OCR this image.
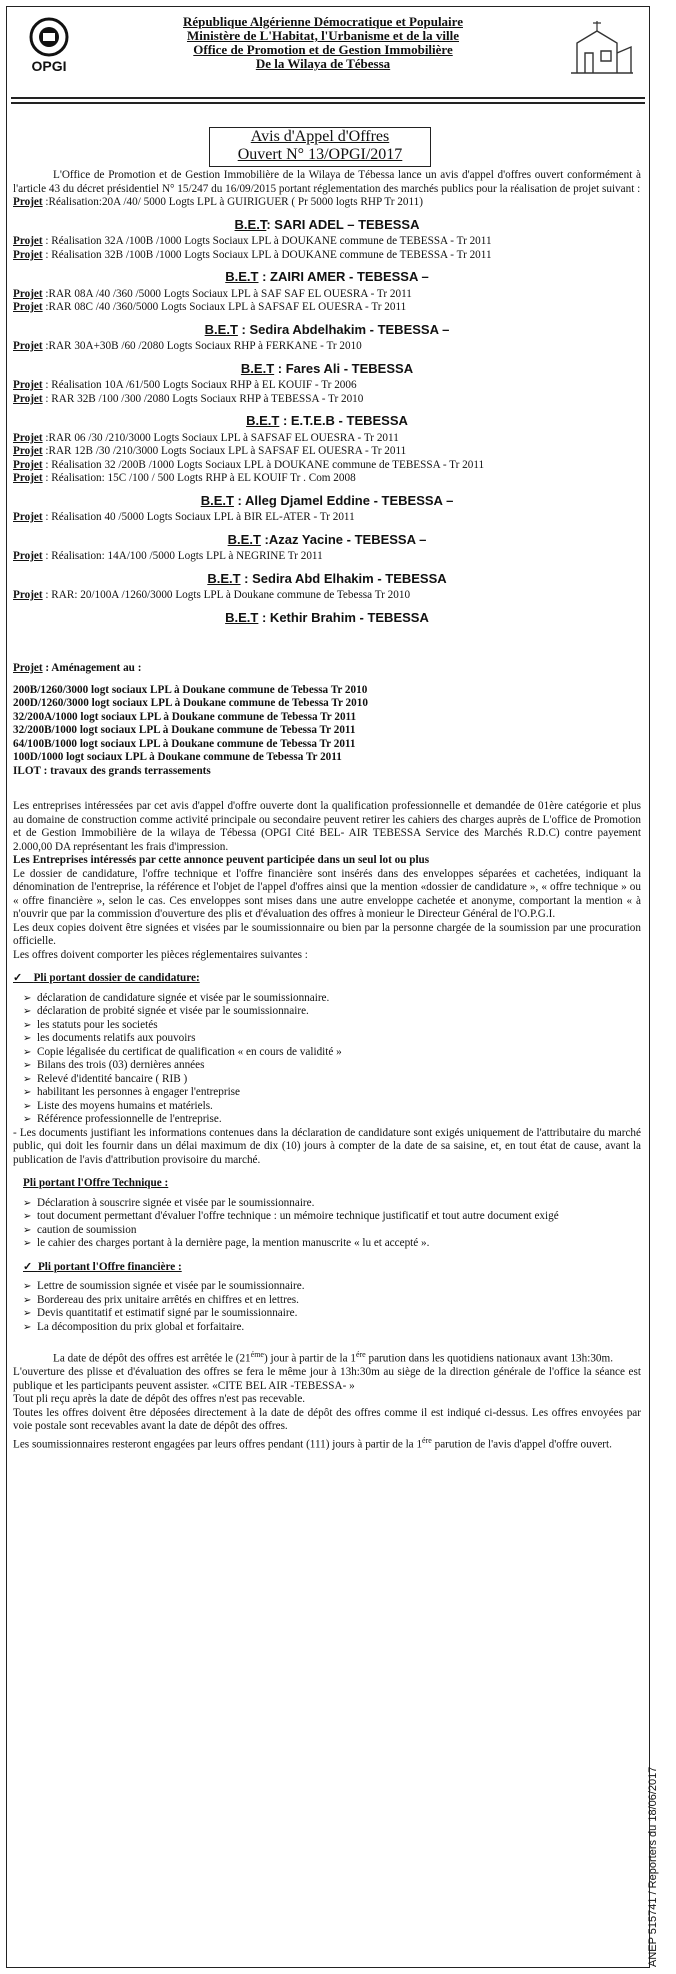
OPGI
République Algérienne Démocratique et Populaire
Ministère de L'Habitat, l'Urbanisme et de la ville
Office de Promotion et de Gestion Immobilière
De la Wilaya de Tébessa
Avis d'Appel d'Offres
Ouvert N° 13/OPGI/2017

L'Office de Promotion et de Gestion Immobilière de la Wilaya de Tébessa lance un avis d'appel d'offres ouvert conformément à l'article 43 du décret présidentiel N° 15/247 du 16/09/2015 portant réglementation des marchés publics pour la réalisation de projet suivant :

Projet :Réalisation:20A /40/ 5000 Logts LPL à GUIRIGUER ( Pr 5000 logts RHP Tr 2011)

B.E.T: SARI ADEL – TEBESSA

Projet : Réalisation 32A /100B /1000 Logts Sociaux LPL à DOUKANE commune de TEBESSA - Tr 2011

Projet : Réalisation 32B /100B /1000 Logts Sociaux LPL à DOUKANE commune de TEBESSA - Tr 2011

B.E.T : ZAIRI AMER - TEBESSA –

Projet :RAR 08A /40 /360 /5000 Logts Sociaux LPL à SAF SAF EL OUESRA - Tr 2011

Projet :RAR 08C /40 /360/5000 Logts Sociaux LPL à SAFSAF EL OUESRA - Tr 2011

B.E.T : Sedira Abdelhakim - TEBESSA –

Projet :RAR 30A+30B /60 /2080 Logts Sociaux RHP à FERKANE - Tr 2010

B.E.T : Fares Ali - TEBESSA

Projet : Réalisation 10A /61/500 Logts Sociaux RHP à EL KOUIF - Tr 2006

Projet : RAR 32B /100 /300 /2080 Logts Sociaux RHP à TEBESSA - Tr 2010

B.E.T : E.T.E.B - TEBESSA

Projet :RAR 06 /30 /210/3000 Logts Sociaux LPL à SAFSAF EL OUESRA - Tr 2011

Projet :RAR 12B /30 /210/3000 Logts Sociaux LPL à SAFSAF EL OUESRA - Tr 2011

Projet : Réalisation 32 /200B /1000 Logts Sociaux LPL à DOUKANE commune de TEBESSA - Tr 2011

Projet : Réalisation: 15C /100 / 500 Logts RHP à EL KOUIF Tr . Com 2008

B.E.T : Alleg Djamel Eddine - TEBESSA –

Projet : Réalisation 40 /5000 Logts Sociaux LPL à BIR EL-ATER - Tr 2011

B.E.T :Azaz Yacine - TEBESSA –

Projet : Réalisation: 14A/100 /5000 Logts LPL à NEGRINE Tr 2011

B.E.T : Sedira Abd Elhakim - TEBESSA

Projet : RAR: 20/100A /1260/3000 Logts LPL à Doukane commune de Tebessa Tr 2010

B.E.T : Kethir Brahim - TEBESSA

Projet : Aménagement au :

200B/1260/3000 logt sociaux LPL à Doukane commune de Tebessa Tr 2010
200D/1260/3000 logt sociaux LPL à Doukane commune de Tebessa Tr 2010
32/200A/1000 logt sociaux LPL à Doukane commune de Tebessa Tr 2011
32/200B/1000 logt sociaux LPL à Doukane commune de Tebessa Tr 2011
64/100B/1000 logt sociaux LPL à Doukane commune de Tebessa Tr 2011
100D/1000 logt sociaux LPL à Doukane commune de Tebessa Tr 2011
ILOT : travaux des grands terrassements

Les entreprises intéressées par cet avis d'appel d'offre ouverte dont la qualification professionnelle et demandée de 01ère catégorie et plus au domaine de construction comme activité principale ou secondaire peuvent retirer les cahiers des charges auprès de L'office de Promotion et de Gestion Immobilière de la wilaya de Tébessa (OPGI Cité BEL- AIR TEBESSA Service des Marchés R.D.C) contre payement 2.000,00 DA représentant les frais d'impression.

Les Entreprises intéressés par cette annonce peuvent participée dans un seul lot ou plus

Le dossier de candidature, l'offre technique et l'offre financière sont insérés dans des enveloppes séparées et cachetées, indiquant la dénomination de l'entreprise, la référence et l'objet de l'appel d'offres ainsi que la mention «dossier de candidature », « offre technique » ou « offre financière », selon le cas. Ces enveloppes sont mises dans une autre enveloppe cachetée et anonyme, comportant la mention « à n'ouvrir que par la commission d'ouverture des plis et d'évaluation des offres à monieur le Directeur Général de l'O.P.G.I.

Les deux copies doivent être signées et visées par le soumissionnaire ou bien par la personne chargée de la soumission par une procuration officielle.

Les offres doivent comporter les pièces réglementaires suivantes :

✓    Pli portant dossier de candidature:
➢ déclaration de candidature signée et visée par le soumissionnaire.
➢ déclaration de probité signée et visée par le soumissionnaire.
➢ les statuts pour les societés
➢ les documents relatifs aux pouvoirs
➢ Copie légalisée du certificat de qualification « en cours de validité »
➢ Bilans des trois (03) dernières années
➢ Relevé d'identité bancaire ( RIB )
➢ habilitant les personnes à engager l'entreprise
➢ Liste des moyens humains et matériels.
➢ Référence professionnelle de l'entreprise.

- Les documents justifiant les informations contenues dans la déclaration de candidature sont exigés uniquement de l'attributaire du marché public, qui doit les fournir dans un délai maximum de dix (10) jours à compter de la date de sa saisine, et, en tout état de cause, avant la publication de l'avis d'attribution provisoire du marché.

Pli portant l'Offre Technique :
➢ Déclaration à souscrire signée et visée par le soumissionnaire.
➢ tout document permettant d'évaluer l'offre technique : un mémoire technique justificatif et tout autre document exigé
➢ caution de soumission
➢ le cahier des charges portant à la dernière page, la mention manuscrite « lu et accepté ».
✓  Pli portant l'Offre financière :
➢ Lettre de soumission signée et visée par le soumissionnaire.
➢ Bordereau des prix unitaire arrêtés en chiffres et en lettres.
➢ Devis quantitatif et estimatif signé par le soumissionnaire.
➢ La décomposition du prix global et forfaitaire.

La date de dépôt des offres est arrêtée le $(21^{éme})$ jour à partir de la $1^{ére}$ parution dans les quotidiens nationaux avant 13h:30m.

L'ouverture des plisse et d'évaluation des offres se fera le même jour à 13h:30m au siège de la direction générale de l'office la séance est publique et les participants peuvent assister. «CITE BEL AIR -TEBESSA- »

Tout pli reçu après la date de dépôt des offres n'est pas recevable.

Toutes les offres doivent être déposées directement à la date de dépôt des offres comme il est indiqué ci-dessus. Les offres envoyées par voie postale sont recevables avant la date de dépôt des offres.

Les soumissionnaires resteront engagées par leurs offres pendant (111) jours à partir de la $1^{ére}$ parution de l'avis d'appel d'offre ouvert.

ANEP 515741 / Reporters du 18/06/2017
